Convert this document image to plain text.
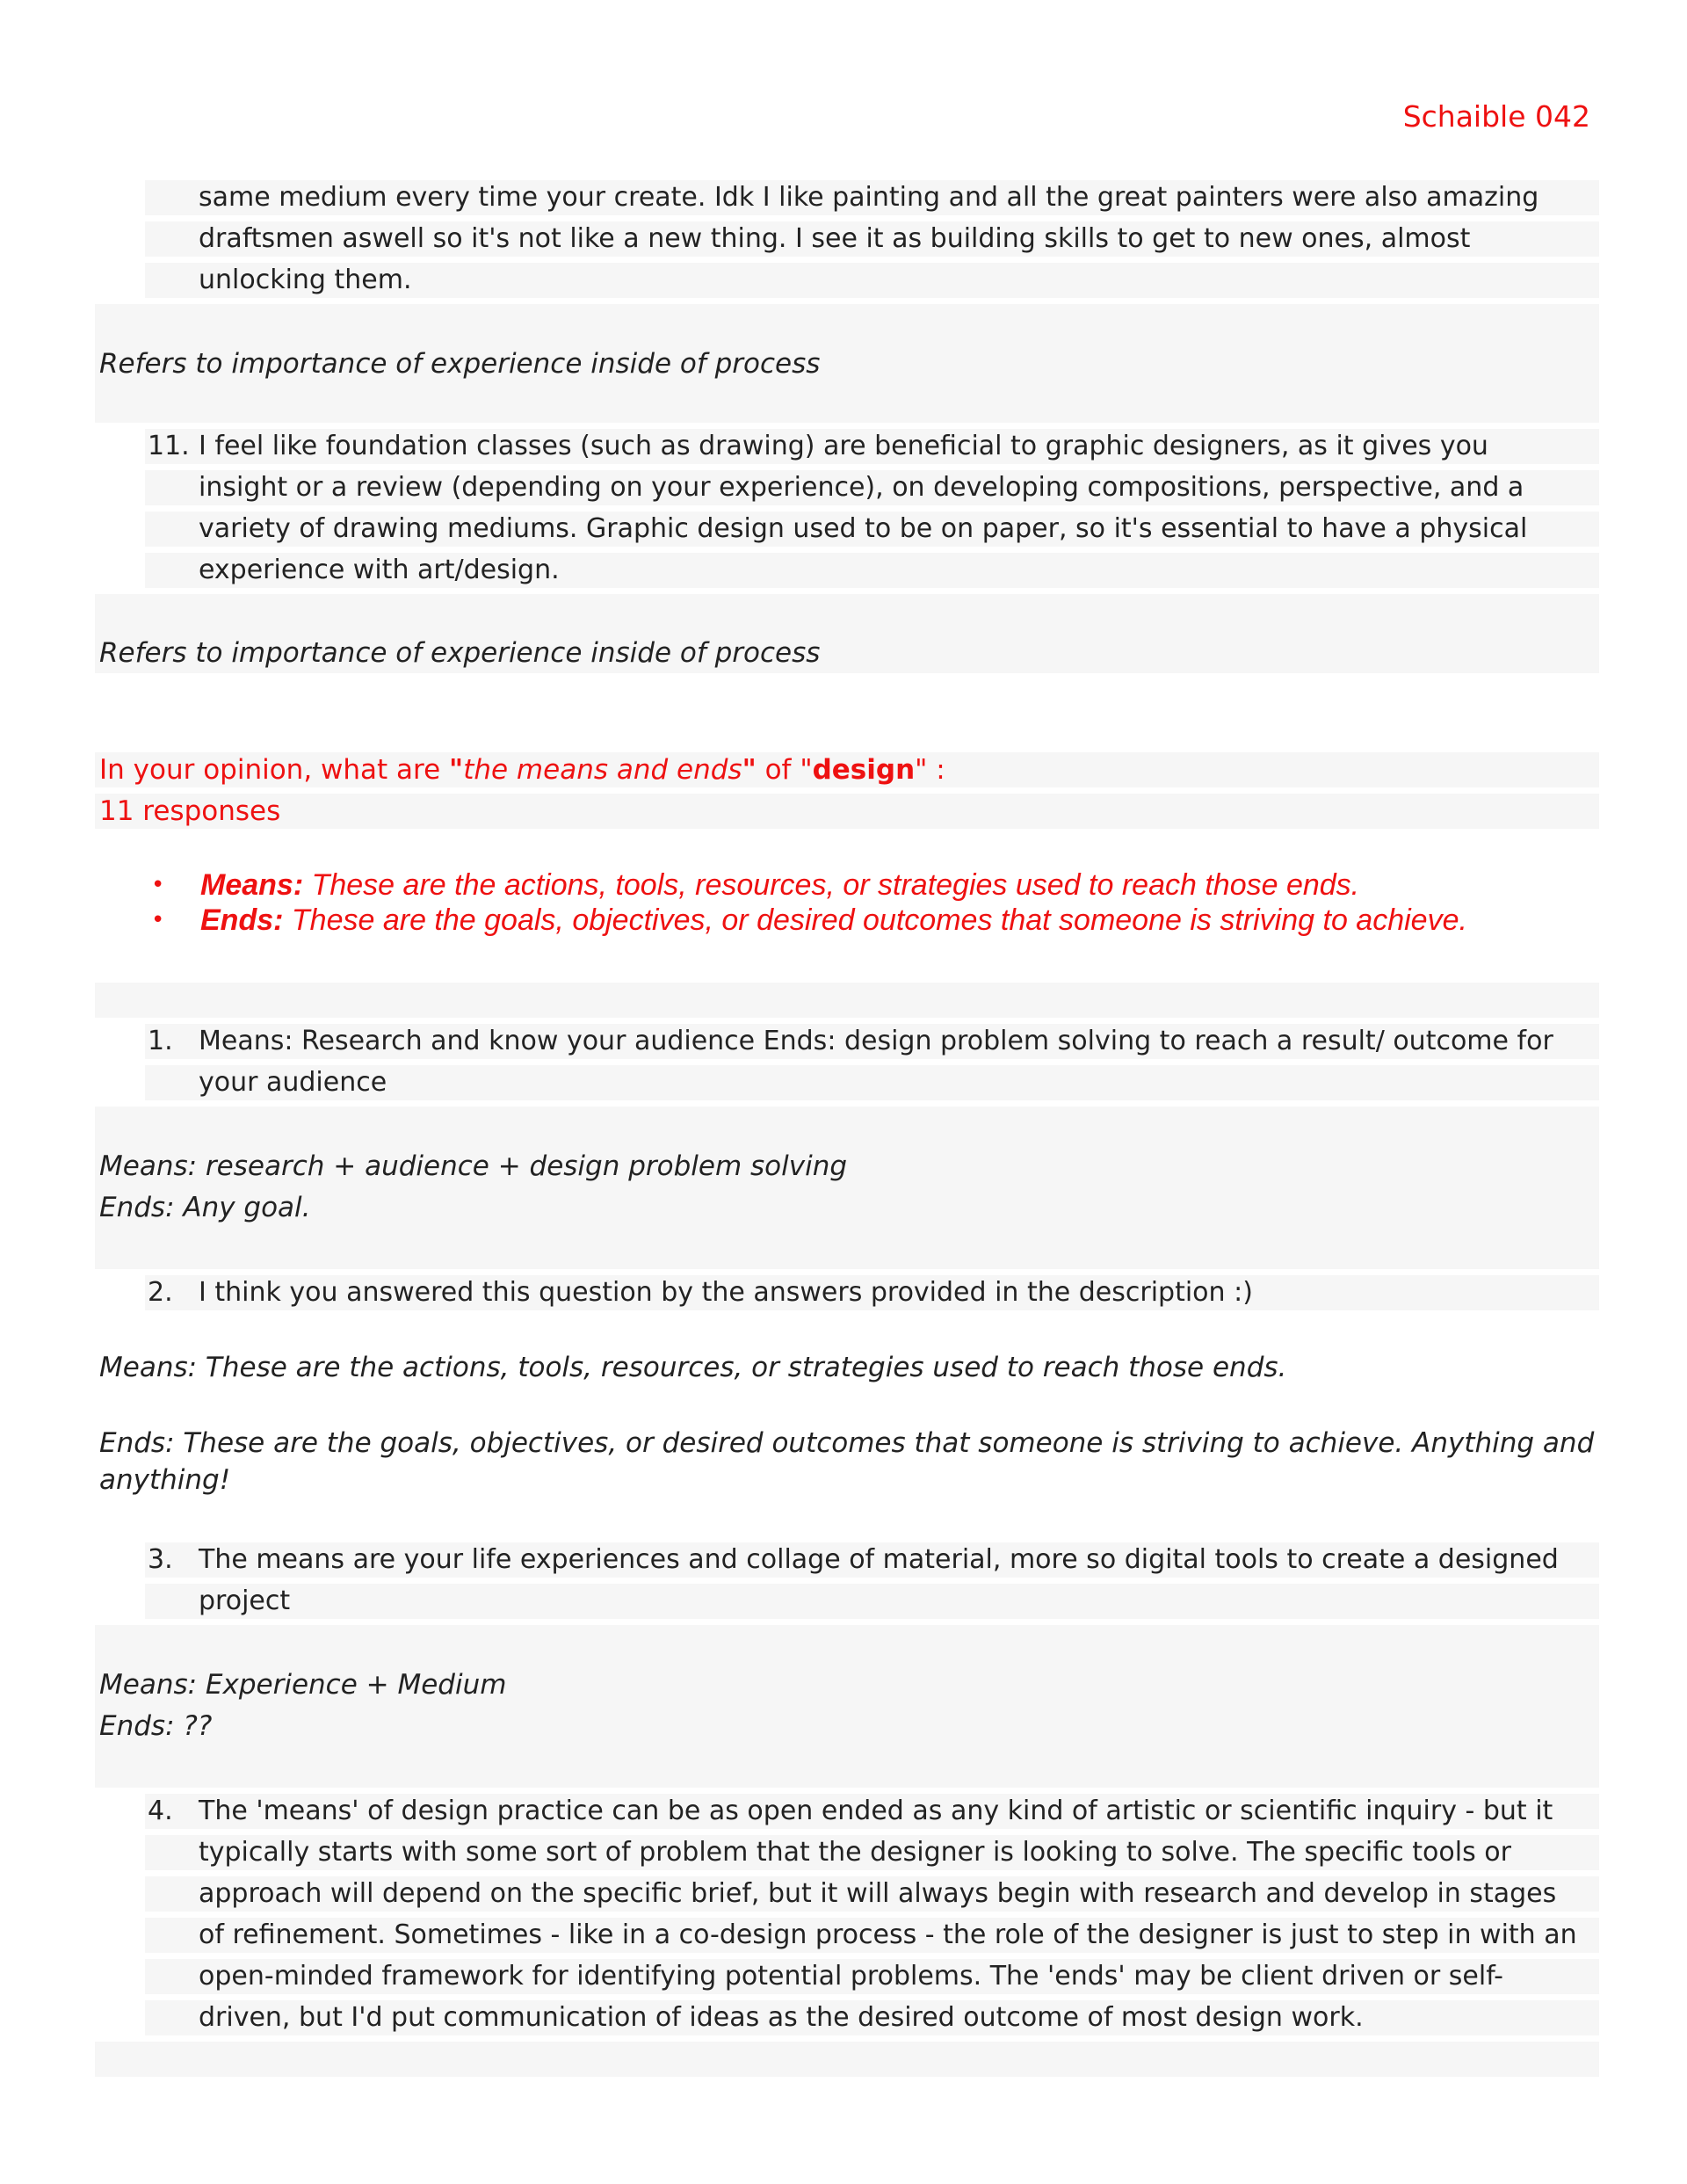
Schaible 042
same medium every time your create. Idk I like painting and all the great painters were also amazing
draftsmen aswell so it's not like a new thing. I see it as building skills to get to new ones, almost
unlocking them.
Refers to importance of experience inside of process
11. I feel like foundation classes (such as drawing) are beneficial to graphic designers, as it gives you
insight or a review (depending on your experience), on developing compositions, perspective, and a
variety of drawing mediums. Graphic design used to be on paper, so it's essential to have a physical
experience with art/design.
Refers to importance of experience inside of process
In your opinion, what are "the means and ends" of "design" :
11 responses
• Means: These are the actions, tools, resources, or strategies used to reach those ends.
• Ends: These are the goals, objectives, or desired outcomes that someone is striving to achieve.
1. Means: Research and know your audience Ends: design problem solving to reach a result/ outcome for
your audience
Means: research + audience + design problem solving
Ends: Any goal.
2. I think you answered this question by the answers provided in the description :)
Means: These are the actions, tools, resources, or strategies used to reach those ends.
Ends: These are the goals, objectives, or desired outcomes that someone is striving to achieve. Anything and
anything!
3. The means are your life experiences and collage of material, more so digital tools to create a designed
project
Means: Experience + Medium
Ends: ??
4. The 'means' of design practice can be as open ended as any kind of artistic or scientific inquiry - but it
typically starts with some sort of problem that the designer is looking to solve. The specific tools or
approach will depend on the specific brief, but it will always begin with research and develop in stages
of refinement. Sometimes - like in a co-design process - the role of the designer is just to step in with an
open-minded framework for identifying potential problems. The 'ends' may be client driven or self-
driven, but I'd put communication of ideas as the desired outcome of most design work.
